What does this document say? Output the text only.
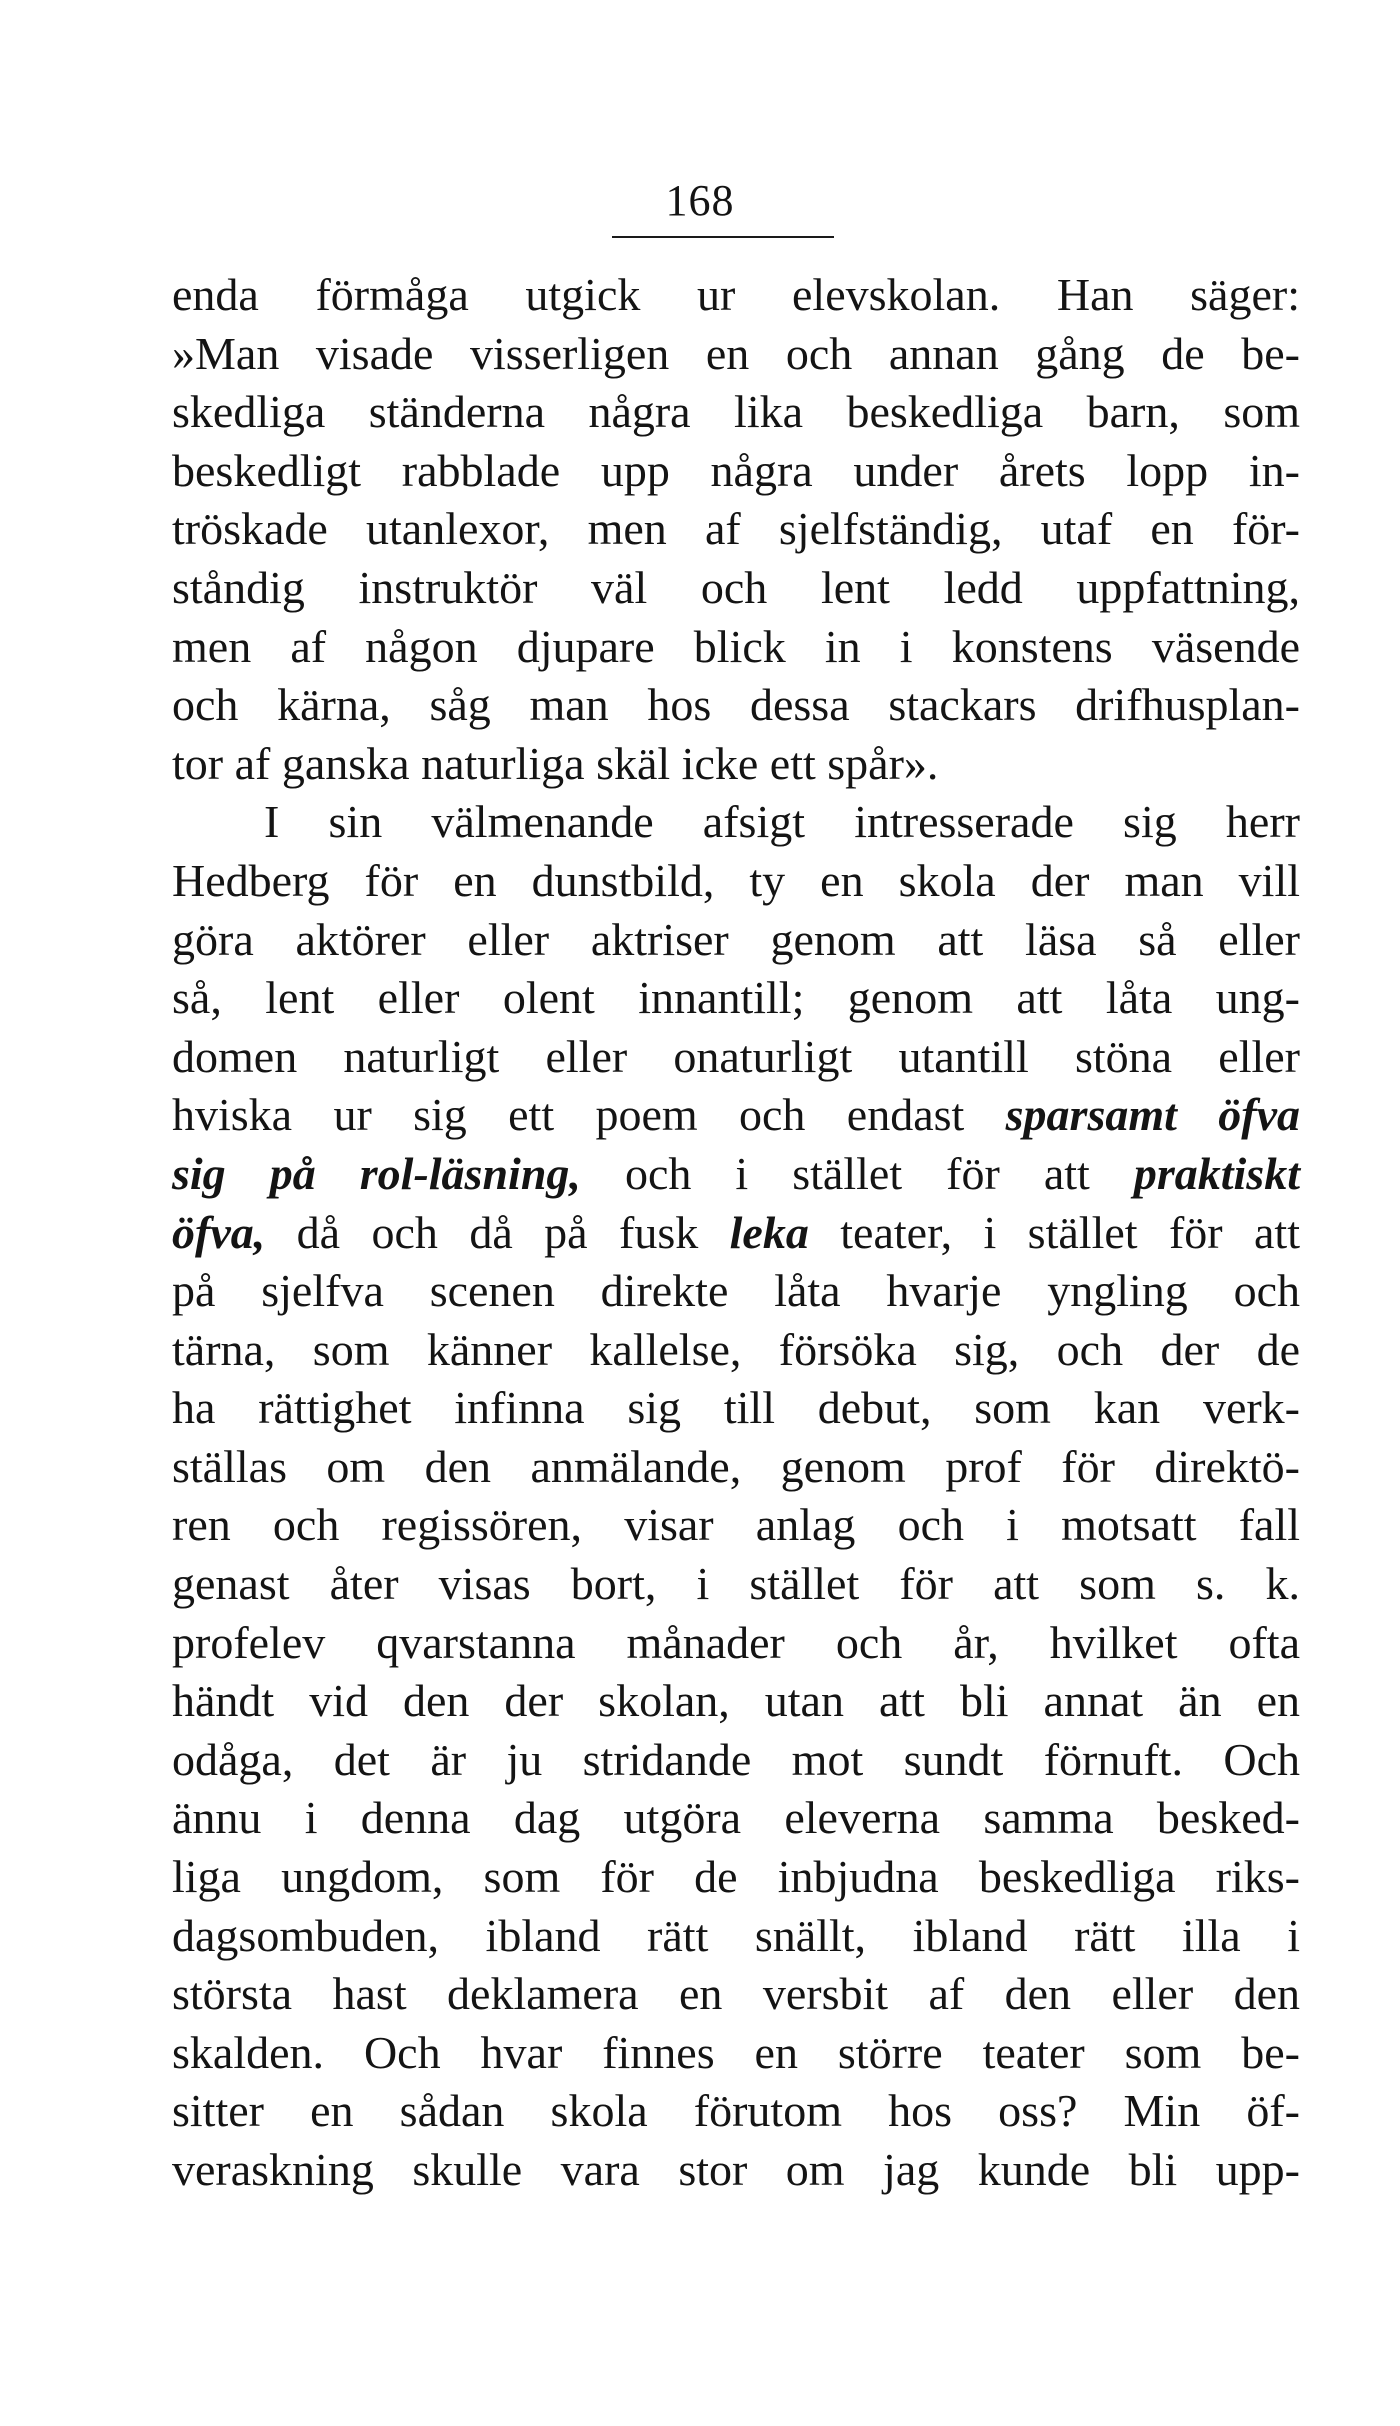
168
enda förmåga utgick ur elevskolan. Han säger:
»Man visade visserligen en och annan gång de be-
skedliga ständerna några lika beskedliga barn, som
beskedligt rabblade upp några under årets lopp in-
tröskade utanlexor, men af sjelfständig, utaf en för-
ståndig instruktör väl och lent ledd uppfattning,
men af någon djupare blick in i konstens väsende
och kärna, såg man hos dessa stackars drifhusplan-
tor af ganska naturliga skäl icke ett spår».
I sin välmenande afsigt intresserade sig herr
Hedberg för en dunstbild, ty en skola der man vill
göra aktörer eller aktriser genom att läsa så eller
så, lent eller olent innantill; genom att låta ung-
domen naturligt eller onaturligt utantill stöna eller
hviska ur sig ett poem och endast sparsamt öfva
sig på rol-läsning, och i stället för att praktiskt
öfva, då och då på fusk leka teater, i stället för att
på sjelfva scenen direkte låta hvarje yngling och
tärna, som känner kallelse, försöka sig, och der de
ha rättighet infinna sig till debut, som kan verk-
ställas om den anmälande, genom prof för direktö-
ren och regissören, visar anlag och i motsatt fall
genast åter visas bort, i stället för att som s. k.
profelev qvarstanna månader och år, hvilket ofta
händt vid den der skolan, utan att bli annat än en
odåga, det är ju stridande mot sundt förnuft. Och
ännu i denna dag utgöra eleverna samma besked-
liga ungdom, som för de inbjudna beskedliga riks-
dagsombuden, ibland rätt snällt, ibland rätt illa i
största hast deklamera en versbit af den eller den
skalden. Och hvar finnes en större teater som be-
sitter en sådan skola förutom hos oss? Min öf-
veraskning skulle vara stor om jag kunde bli upp-
